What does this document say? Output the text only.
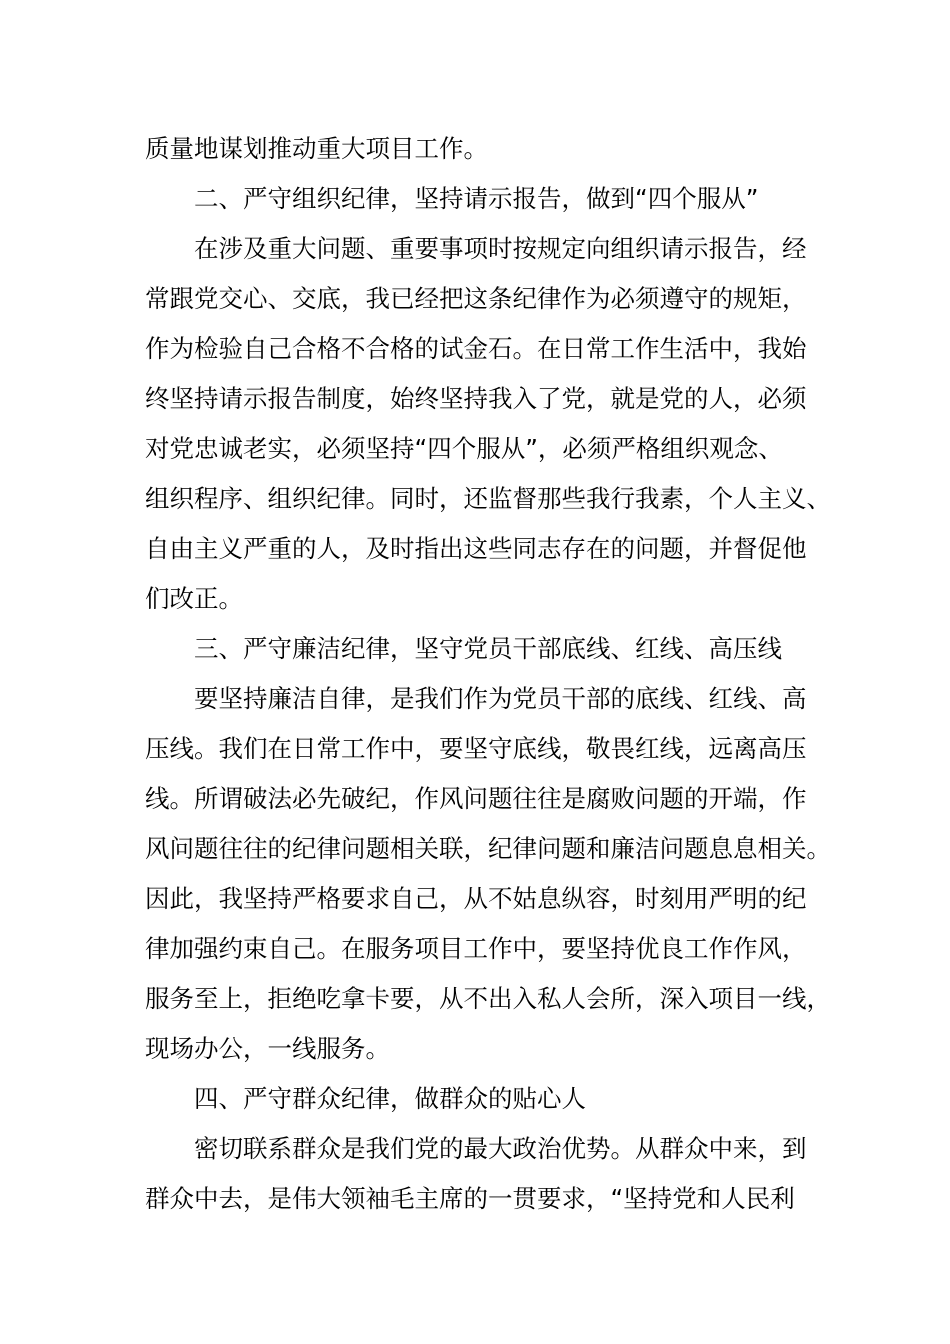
质量地谋划推动重大项目工作。
二、严守组织纪律，坚持请示报告，做到“四个服从”
在涉及重大问题、重要事项时按规定向组织请示报告，经
常跟党交心、交底，我已经把这条纪律作为必须遵守的规矩，
作为检验自己合格不合格的试金石。在日常工作生活中，我始
终坚持请示报告制度，始终坚持我入了党，就是党的人，必须
对党忠诚老实，必须坚持“四个服从”，必须严格组织观念、
组织程序、组织纪律。同时，还监督那些我行我素，个人主义、
自由主义严重的人，及时指出这些同志存在的问题，并督促他
们改正。
三、严守廉洁纪律，坚守党员干部底线、红线、高压线
要坚持廉洁自律，是我们作为党员干部的底线、红线、高
压线。我们在日常工作中，要坚守底线，敬畏红线，远离高压
线。所谓破法必先破纪，作风问题往往是腐败问题的开端，作
风问题往往的纪律问题相关联，纪律问题和廉洁问题息息相关。
因此，我坚持严格要求自己，从不姑息纵容，时刻用严明的纪
律加强约束自己。在服务项目工作中，要坚持优良工作作风，
服务至上，拒绝吃拿卡要，从不出入私人会所，深入项目一线，
现场办公，一线服务。
四、严守群众纪律，做群众的贴心人
密切联系群众是我们党的最大政治优势。从群众中来，到
群众中去，是伟大领袖毛主席的一贯要求，“坚持党和人民利
